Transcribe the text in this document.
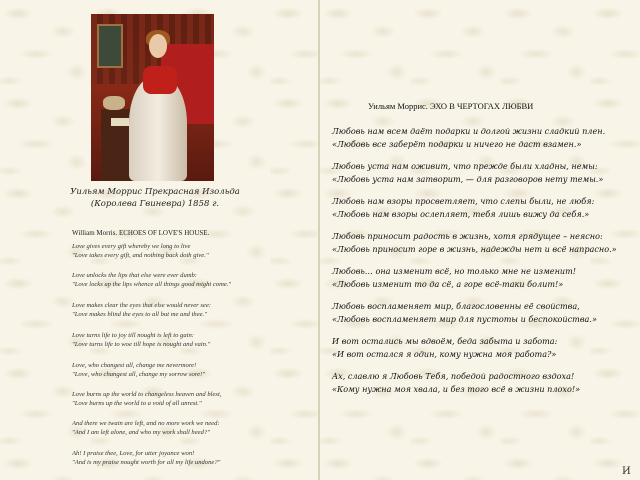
Уильям Моррис Прекрасная Изольда
(Королева Гвиневра) 1858 г.
William Morris. ECHOES OF LOVE'S HOUSE.
Love gives every gift whereby we long to live
"Love takes every gift, and nothing back doth give."
Love unlocks the lips that else were ever dumb:
"Love locks up the lips whence all things good might come."
Love makes clear the eyes that else would never see:
"Love makes blind the eyes to all but me and thee."
Love turns life to joy till nought is left to gain:
"Love turns life to woe till hope is nought and vain."
Love, who changest all, change me nevermore!
"Love, who changest all, change my sorrow sore!"
Love burns up the world to changeless heaven and blest,
"Love burns up the world to a void of all unrest."
And there we twain are left, and no more work we need:
"And I am left alone, and who my work shall heed?"
Ah! I praise thee, Love, for utter joyance won!
"And is my praise nought worth for all my life undone?"
Уильям Моррис. ЭХО В ЧЕРТОГАХ ЛЮБВИ
Любовь нам всем даёт подарки и долгой жизни сладкий плен.
«Любовь все заберёт подарки и ничего не даст взамен.»
Любовь уста нам оживит, что прежде были хладны, немы:
«Любовь уста нам затворит, — для разговоров нету темы.»
Любовь нам взоры просветляет, что слепы были, не любя:
«Любовь нам взоры ослепляет, тебя лишь вижу да себя.»
Любовь приносит радость в жизнь, хотя грядущее – неясно:
«Любовь приносит горе в жизнь, надежды нет и всё напрасно.»
Любовь… она изменит всё, но только мне не изменит!
«Любовь изменит то да сё, а горе всё-таки болит!»
Любовь воспламеняет мир, благословенны её свойства,
«Любовь воспламеняет мир для пустоты и беспокойства.»
И вот остались мы вдвоём, беда забыта и забота:
«И вот остался я один, кому нужна моя работа?»
Ах, славлю я Любовь Тебя, победой радостного вздоха!
«Кому нужна моя хвала, и без того всё в жизни плохо!»
И
